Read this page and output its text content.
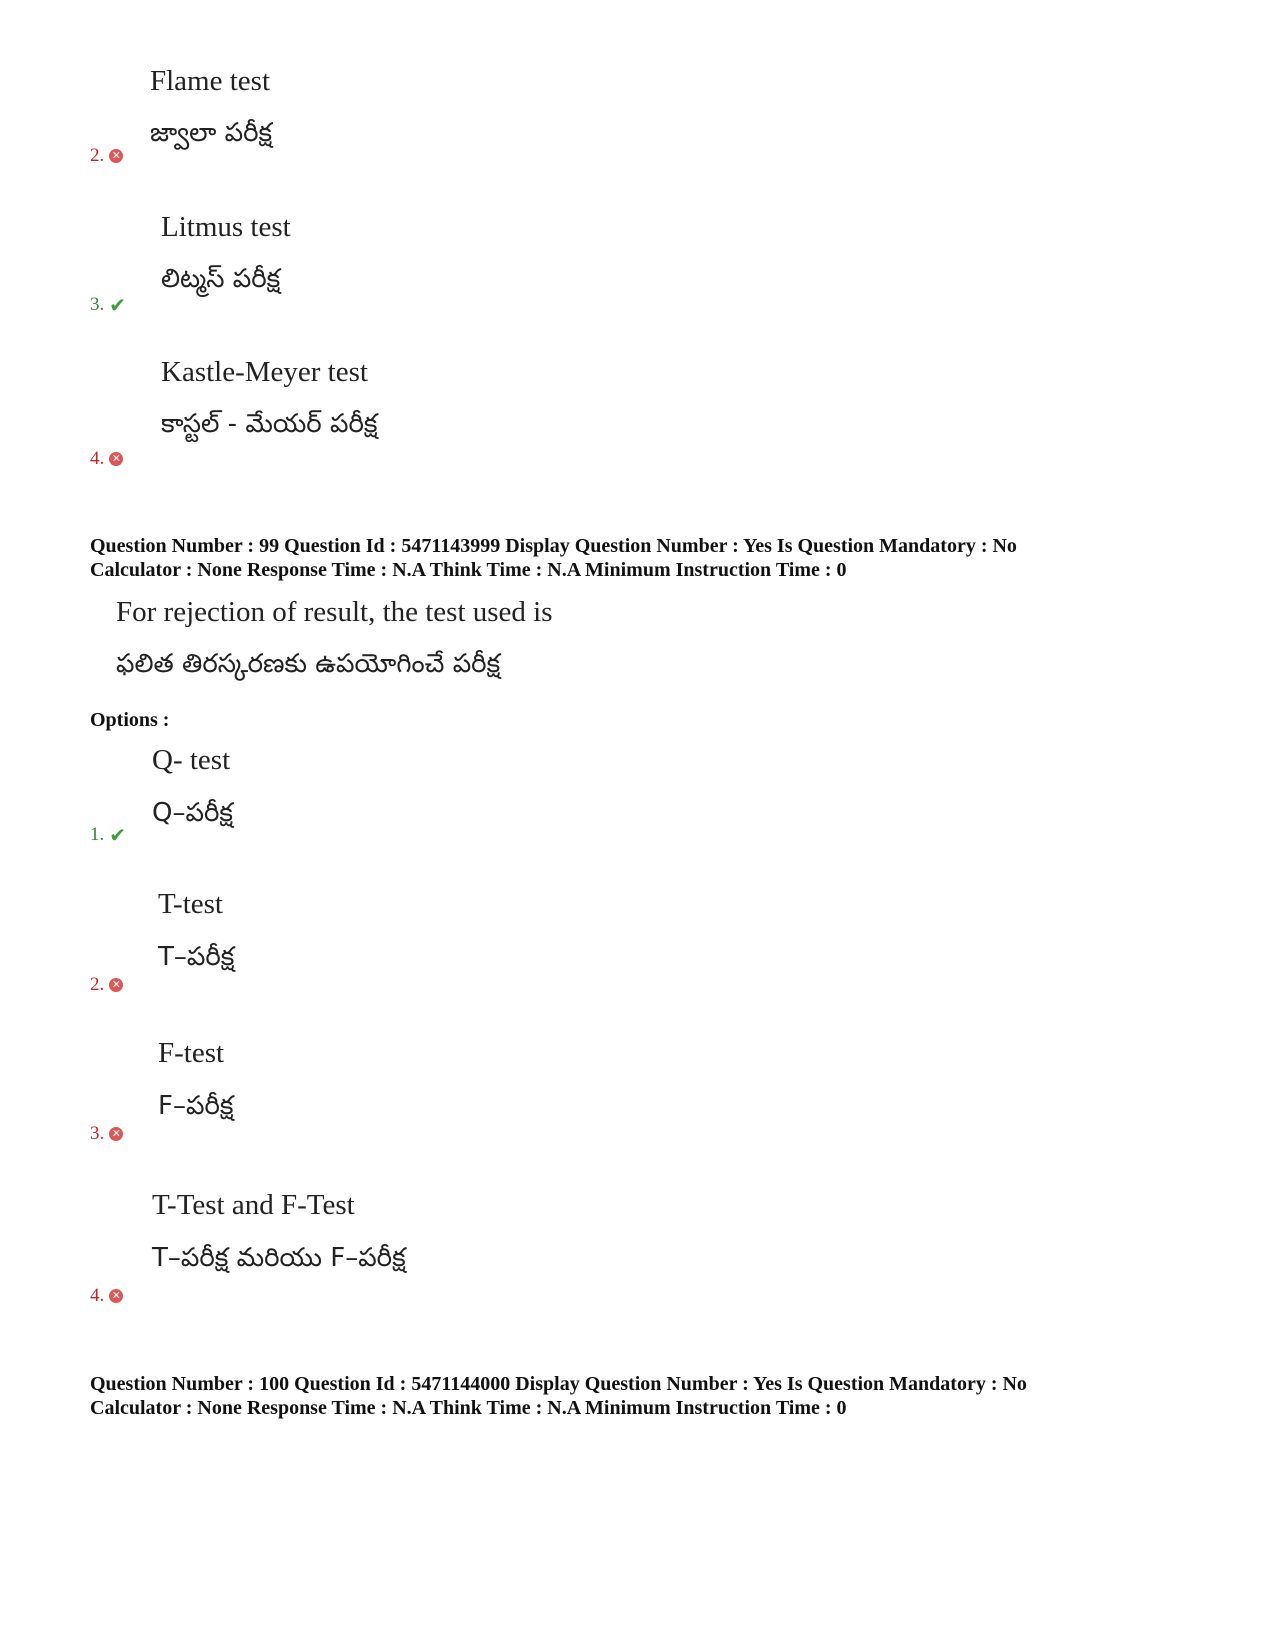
Flame test
జ్వాలా పరీక్ష
2. ✕
Litmus test
లిట్మస్ పరీక్ష
3. ✔
Kastle-Meyer test
కాస్టల్ - మేయర్ పరీక్ష
4. ✕
Question Number : 99 Question Id : 5471143999 Display Question Number : Yes Is Question Mandatory : No
Calculator : None Response Time : N.A Think Time : N.A Minimum Instruction Time : 0
For rejection of result, the test used is
ఫలిత తిరస్కరణకు ఉపయోగించే పరీక్ష
Options :
Q- test
Q–పరీక్ష
1. ✔
T-test
T–పరీక్ష
2. ✕
F-test
F–పరీక్ష
3. ✕
T-Test and F-Test
T–పరీక్ష మరియు F–పరీక్ష
4. ✕
Question Number : 100 Question Id : 5471144000 Display Question Number : Yes Is Question Mandatory : No
Calculator : None Response Time : N.A Think Time : N.A Minimum Instruction Time : 0
